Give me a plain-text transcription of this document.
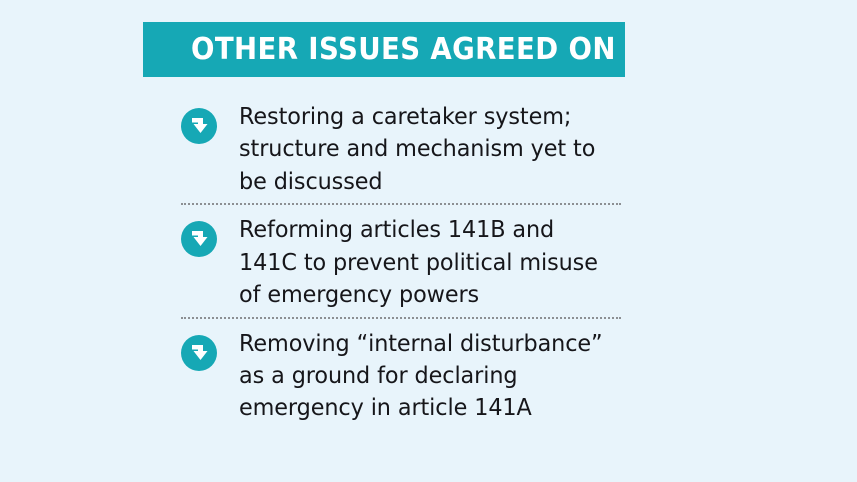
OTHER ISSUES AGREED ON
Restoring a caretaker system; structure and mechanism yet to be discussed
Reforming articles 141B and 141C to prevent political misuse of emergency powers
Removing “internal disturbance” as a ground for declaring emergency in article 141A
